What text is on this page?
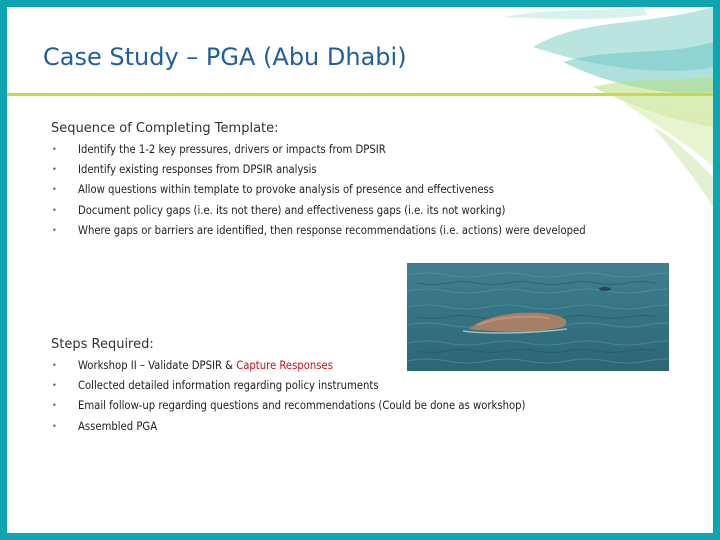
Case Study – PGA (Abu Dhabi)
Sequence of Completing Template:
• Identify the 1-2 key pressures, drivers or impacts from DPSIR
• Identify existing responses from DPSIR analysis
• Allow questions within template to provoke analysis of presence and effectiveness
• Document policy gaps (i.e. its not there) and effectiveness gaps (i.e. its not working)
• Where gaps or barriers are identified, then response recommendations (i.e. actions) were developed
Steps Required:
• Workshop II – Validate DPSIR & Capture Responses
• Collected detailed information regarding policy instruments
• Email follow-up regarding questions and recommendations (Could be done as workshop)
• Assembled PGA
